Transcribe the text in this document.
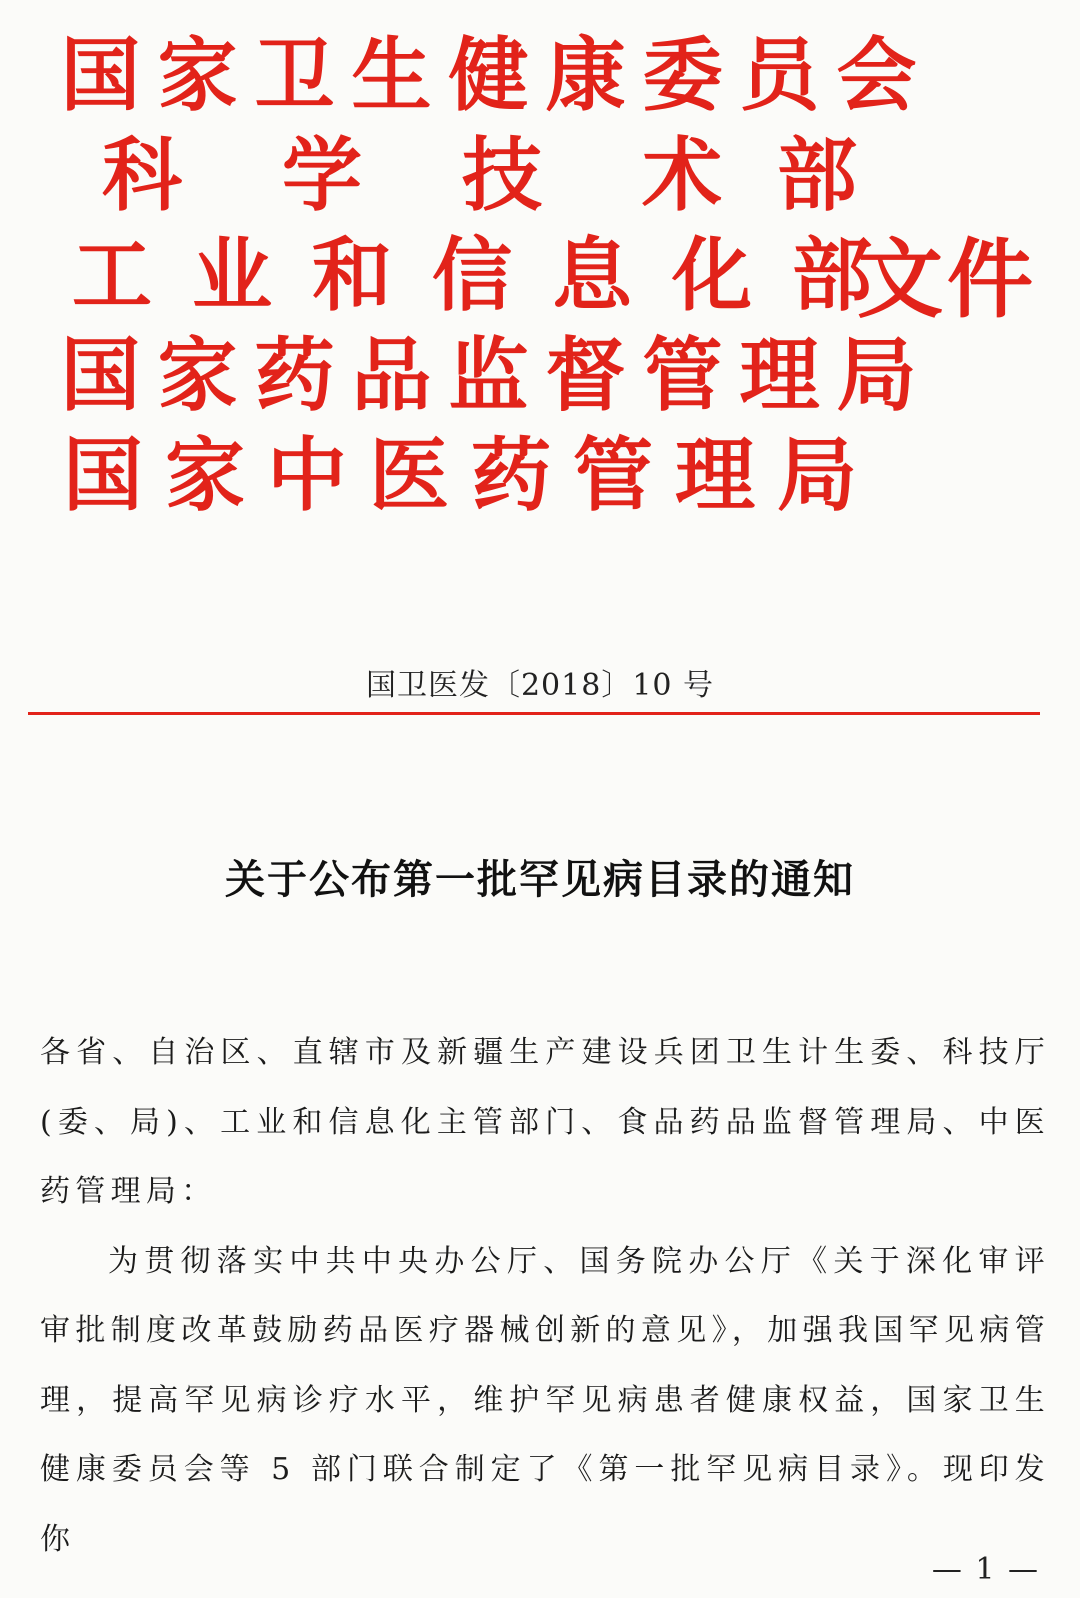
国 家 卫 生 健 康 委 员 会
科 学 技 术 部
工 业 和 信 息 化 部
国 家 药 品 监 督 管 理 局
国 家 中 医 药 管 理 局
文件
国卫医发〔2018〕10 号
关于公布第一批罕见病目录的通知

各省、自治区、直辖市及新疆生产建设兵团卫生计生委、科技厅(委、局)、工业和信息化主管部门、食品药品监督管理局、中医药管理局：

为贯彻落实中共中央办公厅、国务院办公厅《关于深化审评审批制度改革鼓励药品医疗器械创新的意见》，加强我国罕见病管理，提高罕见病诊疗水平，维护罕见病患者健康权益，国家卫生健康委员会等 5 部门联合制定了《第一批罕见病目录》。现印发你

— 1 —
